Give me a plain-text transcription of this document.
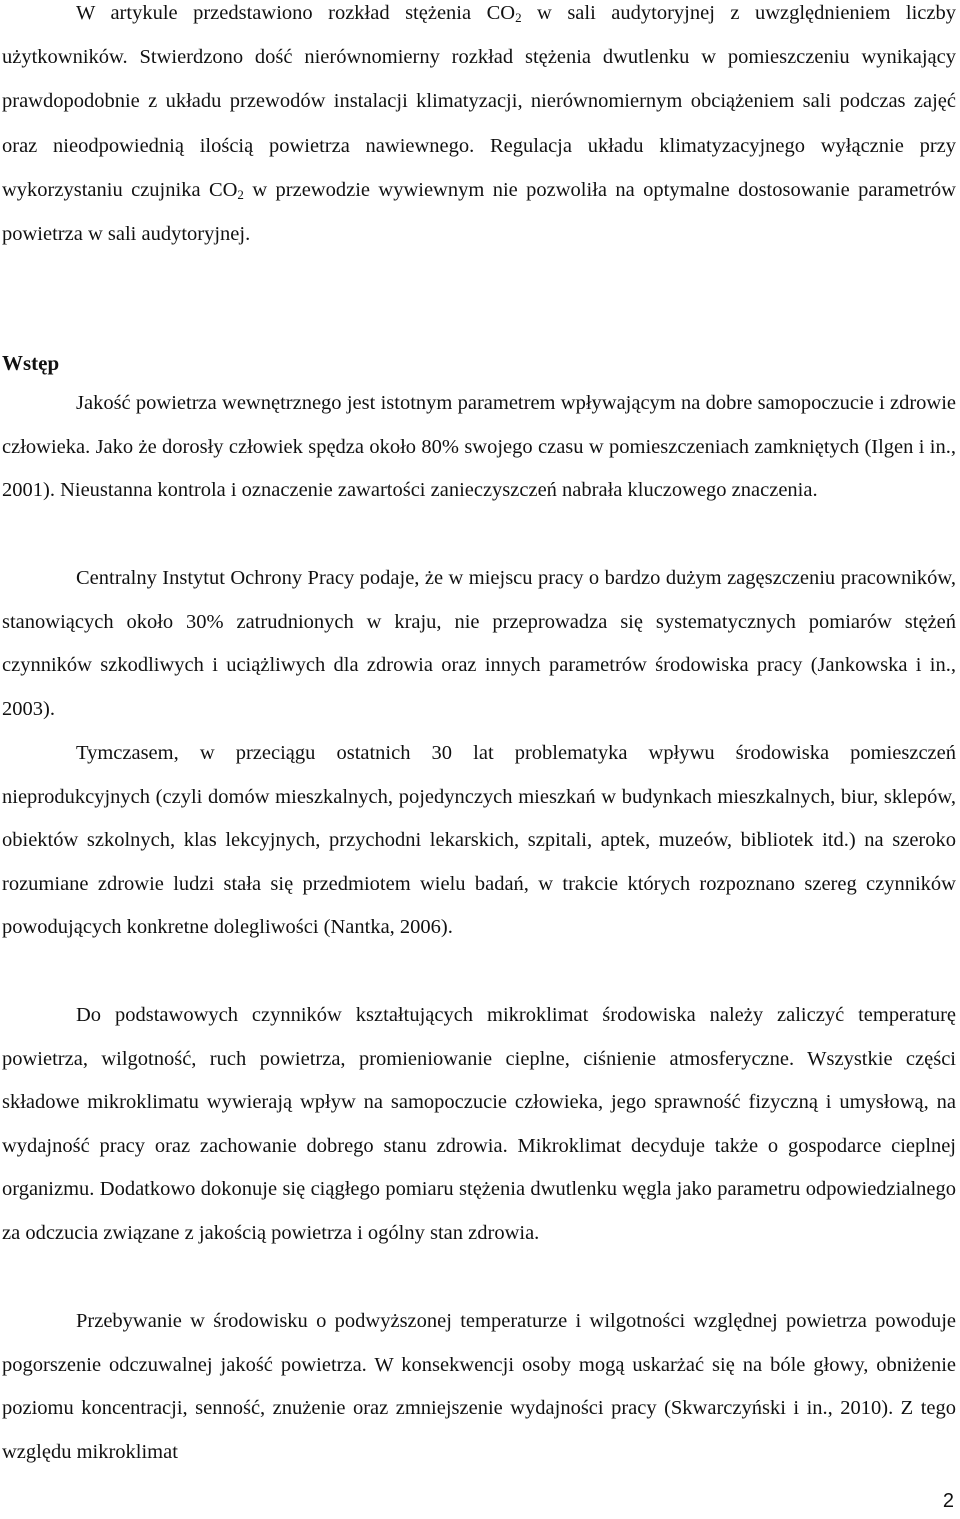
W artykule przedstawiono rozkład stężenia $CO_2$ w sali audytoryjnej z uwzględnieniem liczby użytkowników. Stwierdzono dość nierównomierny rozkład stężenia dwutlenku w pomieszczeniu wynikający prawdopodobnie z układu przewodów instalacji klimatyzacji, nierównomiernym obciążeniem sali podczas zajęć oraz nieodpowiednią ilością powietrza nawiewnego. Regulacja układu klimatyzacyjnego wyłącznie przy wykorzystaniu czujnika $CO_2$ w przewodzie wywiewnym nie pozwoliła na optymalne dostosowanie parametrów powietrza w sali audytoryjnej.

Wstęp

Jakość powietrza wewnętrznego jest istotnym parametrem wpływającym na dobre samopoczucie i zdrowie człowieka. Jako że dorosły człowiek spędza około 80% swojego czasu w pomieszczeniach zamkniętych (Ilgen i in., 2001). Nieustanna kontrola i oznaczenie zawartości zanieczyszczeń nabrała kluczowego znaczenia.

Centralny Instytut Ochrony Pracy podaje, że w miejscu pracy o bardzo dużym zagęszczeniu pracowników, stanowiących około 30% zatrudnionych w kraju, nie przeprowadza się systematycznych pomiarów stężeń czynników szkodliwych i uciążliwych dla zdrowia oraz innych parametrów środowiska pracy (Jankowska i in., 2003).

Tymczasem, w przeciągu ostatnich 30 lat problematyka wpływu środowiska pomieszczeń nieprodukcyjnych (czyli domów mieszkalnych, pojedynczych mieszkań w budynkach mieszkalnych, biur, sklepów, obiektów szkolnych, klas lekcyjnych, przychodni lekarskich, szpitali, aptek, muzeów, bibliotek itd.) na szeroko rozumiane zdrowie ludzi stała się przedmiotem wielu badań, w trakcie których rozpoznano szereg czynników powodujących konkretne dolegliwości (Nantka, 2006).

Do podstawowych czynników kształtujących mikroklimat środowiska należy zaliczyć temperaturę powietrza, wilgotność, ruch powietrza, promieniowanie cieplne, ciśnienie atmosferyczne. Wszystkie części składowe mikroklimatu wywierają wpływ na samopoczucie człowieka, jego sprawność fizyczną i umysłową, na wydajność pracy oraz zachowanie dobrego stanu zdrowia. Mikroklimat decyduje także o gospodarce cieplnej organizmu. Dodatkowo dokonuje się ciągłego pomiaru stężenia dwutlenku węgla jako parametru odpowiedzialnego za odczucia związane z jakością powietrza i ogólny stan zdrowia.

Przebywanie w środowisku o podwyższonej temperaturze i wilgotności względnej powietrza powoduje pogorszenie odczuwalnej jakość powietrza. W konsekwencji osoby mogą uskarżać się na bóle głowy, obniżenie poziomu koncentracji, senność, znużenie oraz zmniejszenie wydajności pracy (Skwarczyński i in., 2010). Z tego względu mikroklimat

2
